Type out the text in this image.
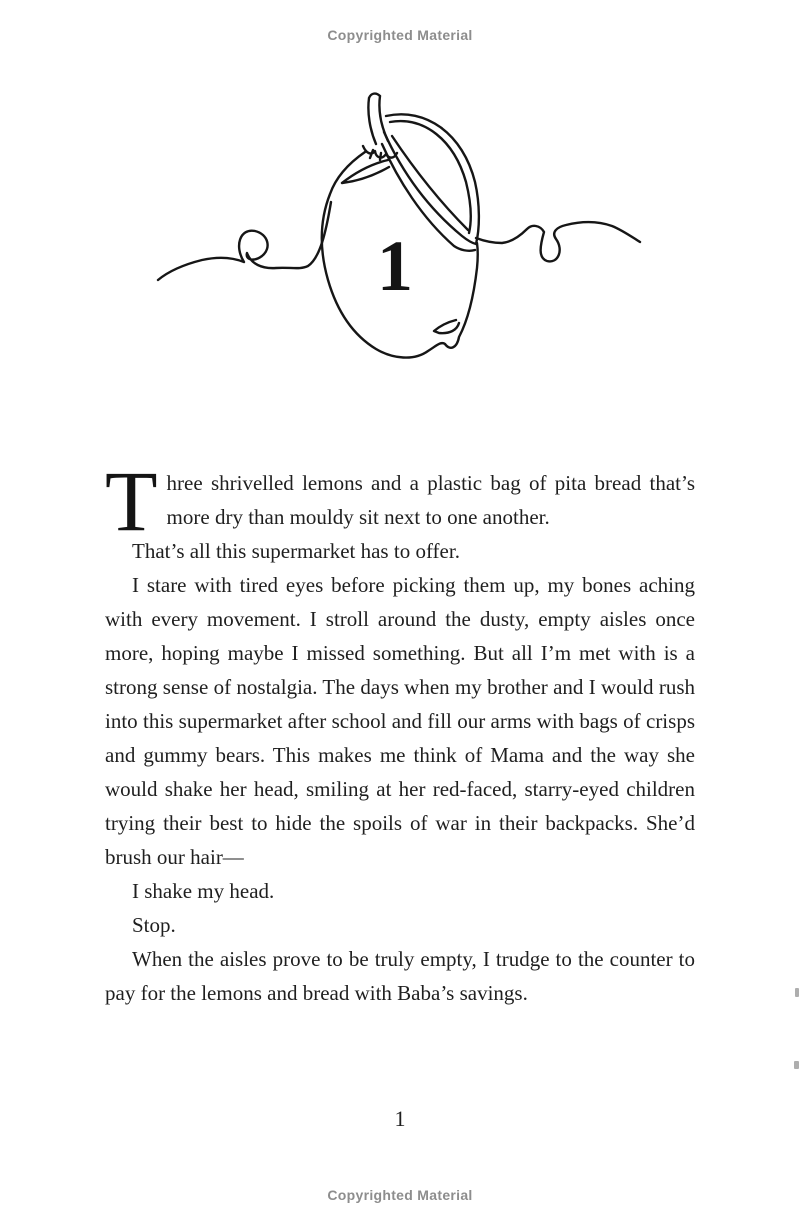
Copyrighted Material
1

Three shrivelled lemons and a plastic bag of pita bread that’s more dry than mouldy sit next to one another.

That’s all this supermarket has to offer.

I stare with tired eyes before picking them up, my bones aching with every movement. I stroll around the dusty, empty aisles once more, hoping maybe I missed something. But all I’m met with is a strong sense of nostalgia. The days when my brother and I would rush into this supermarket after school and fill our arms with bags of crisps and gummy bears. This makes me think of Mama and the way she would shake her head, smiling at her red-faced, starry-eyed children trying their best to hide the spoils of war in their backpacks. She’d brush our hair—

I shake my head.

Stop.

When the aisles prove to be truly empty, I trudge to the counter to pay for the lemons and bread with Baba’s savings.

1
Copyrighted Material
